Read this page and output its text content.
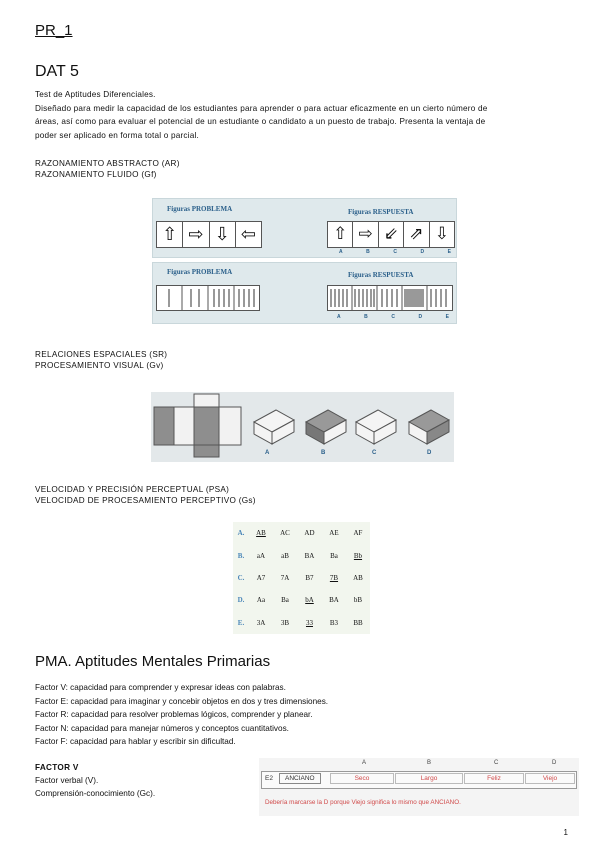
PR_1
DAT 5
Test de Aptitudes Diferenciales.
Diseñado para medir la capacidad de los estudiantes para aprender o para actuar eficazmente en un cierto número de
áreas, así como para evaluar el potencial de un estudiante o candidato a un puesto de trabajo. Presenta la ventaja de
poder ser aplicado en forma total o parcial.
RAZONAMIENTO ABSTRACTO (AR)
RAZONAMIENTO FLUIDO (Gf)
Figuras PROBLEMA	Figuras RESPUESTA
⇧ ⇨ ⇩ ⇦	⇧ ⇨ ⇙ ⇗ ⇩
A	B	C	D	E
Figuras PROBLEMA	Figuras RESPUESTA
A	B	C	D	E
RELACIONES ESPACIALES (SR)
PROCESAMIENTO VISUAL (Gv)
A	B	C	D
VELOCIDAD Y PRECISIÓN PERCEPTUAL (PSA)
VELOCIDAD DE PROCESAMIENTO PERCEPTIVO (Gs)
A.	AB	AC	AD	AE	AF
B.	aA	aB	BA	Ba	Bb
C.	A7	7A	B7	7B	AB
D.	Aa	Ba	bA	BA	bB
E.	3A	3B	33	B3	BB
PMA. Aptitudes Mentales Primarias
Factor V: capacidad para comprender y expresar ideas con palabras.
Factor E: capacidad para imaginar y concebir objetos en dos y tres dimensiones.
Factor R: capacidad para resolver problemas lógicos, comprender y planear.
Factor N: capacidad para manejar números y conceptos cuantitativos.
Factor F: capacidad para hablar y escribir sin dificultad.
FACTOR V
Factor verbal (V).
Comprensión-conocimiento (Gc).
A	B	C	D
E2	ANCIANO	Seco	Largo	Feliz	Viejo
Debería marcarse la D porque Viejo significa lo mismo que ANCIANO.
1
